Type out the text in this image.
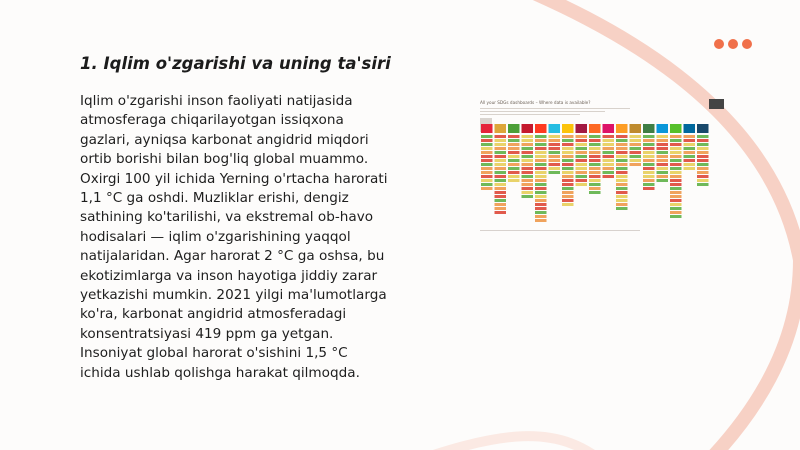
1. Iqlim o'zgarishi va uning ta'siri
Iqlim o'zgarishi inson faoliyati natijasida
atmosferaga chiqarilayotgan issiqxona
gazlari, ayniqsa karbonat angidrid miqdori
ortib borishi bilan bog'liq global muammo.
Oxirgi 100 yil ichida Yerning o'rtacha harorati
1,1 °C ga oshdi. Muzliklar erishi, dengiz
sathining ko'tarilishi, va ekstremal ob-havo
hodisalari — iqlim o'zgarishining yaqqol
natijalaridan. Agar harorat 2 °C ga oshsa, bu
ekotizimlarga va inson hayotiga jiddiy zarar
yetkazishi mumkin. 2021 yilgi ma'lumotlarga
ko'ra, karbonat angidrid atmosferadagi
konsentratsiyasi 419 ppm ga yetgan.
Insoniyat global harorat o'sishini 1,5 °C
ichida ushlab qolishga harakat qilmoqda.
All your SDGs dashboards – Where data is available?
